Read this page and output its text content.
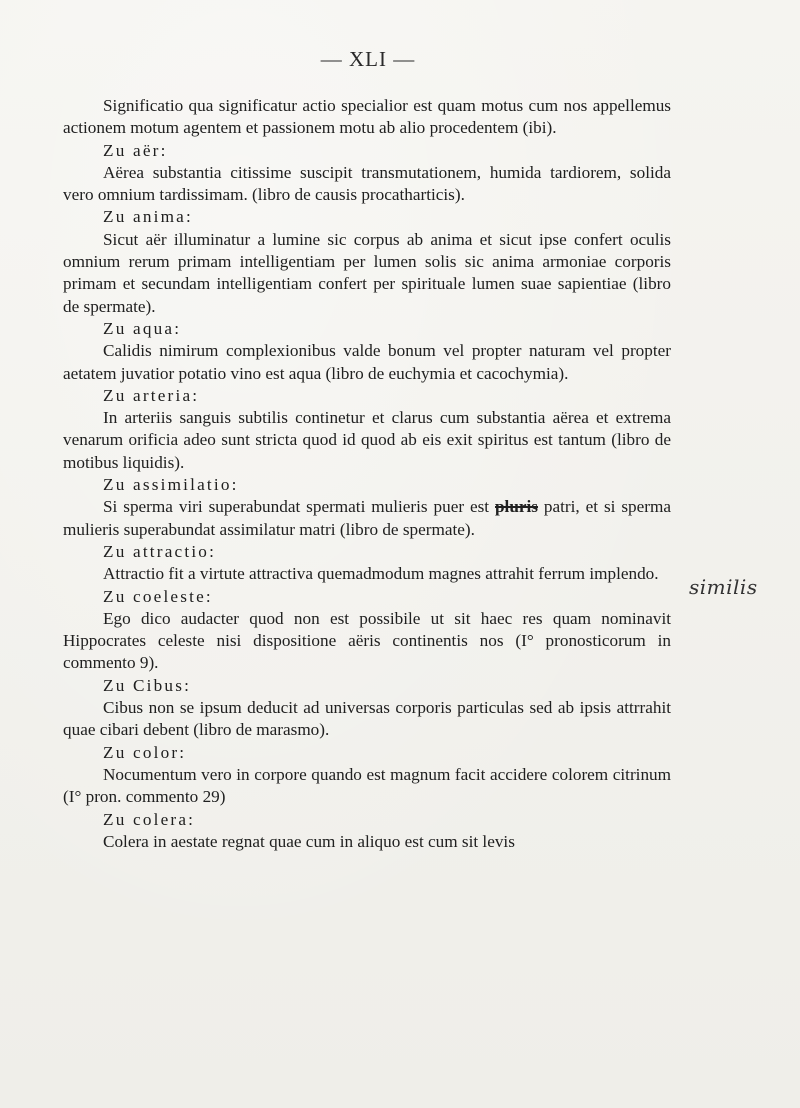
— XLI —

Significatio qua significatur actio specialior est quam motus cum nos appellemus actionem motum agentem et passionem motu ab alio procedentem (ibi).

Zu aër:

Aërea substantia citissime suscipit transmutationem, humida tardiorem, solida vero omnium tardissimam. (libro de causis procatharticis).

Zu anima:

Sicut aër illuminatur a lumine sic corpus ab anima et sicut ipse confert oculis omnium rerum primam intelligentiam per lumen solis sic anima armoniae corporis primam et secundam intelligentiam confert per spirituale lumen suae sapientiae (libro de spermate).

Zu aqua:

Calidis nimirum complexionibus valde bonum vel propter naturam vel propter aetatem juvatior potatio vino est aqua (libro de euchymia et cacochymia).

Zu arteria:

In arteriis sanguis subtilis continetur et clarus cum substantia aërea et extrema venarum orificia adeo sunt stricta quod id quod ab eis exit spiritus est tantum (libro de motibus liquidis).

Zu assimilatio:

Si sperma viri superabundat spermati mulieris puer est pluris patri, et si sperma mulieris superabundat assimilatur matri (libro de spermate).

Zu attractio:

Attractio fit a virtute attractiva quemadmodum magnes attrahit ferrum implendo.

Zu coeleste:

Ego dico audacter quod non est possibile ut sit haec res quam nominavit Hippocrates celeste nisi dispositione aëris continentis nos (I° pronosticorum in commento 9).

Zu Cibus:

Cibus non se ipsum deducit ad universas corporis particulas sed ab ipsis attrrahit quae cibari debent (libro de marasmo).

Zu color:

Nocumentum vero in corpore quando est magnum facit accidere colorem citrinum (I° pron. commento 29)

Zu colera:

Colera in aestate regnat quae cum in aliquo est cum sit levis

similis
